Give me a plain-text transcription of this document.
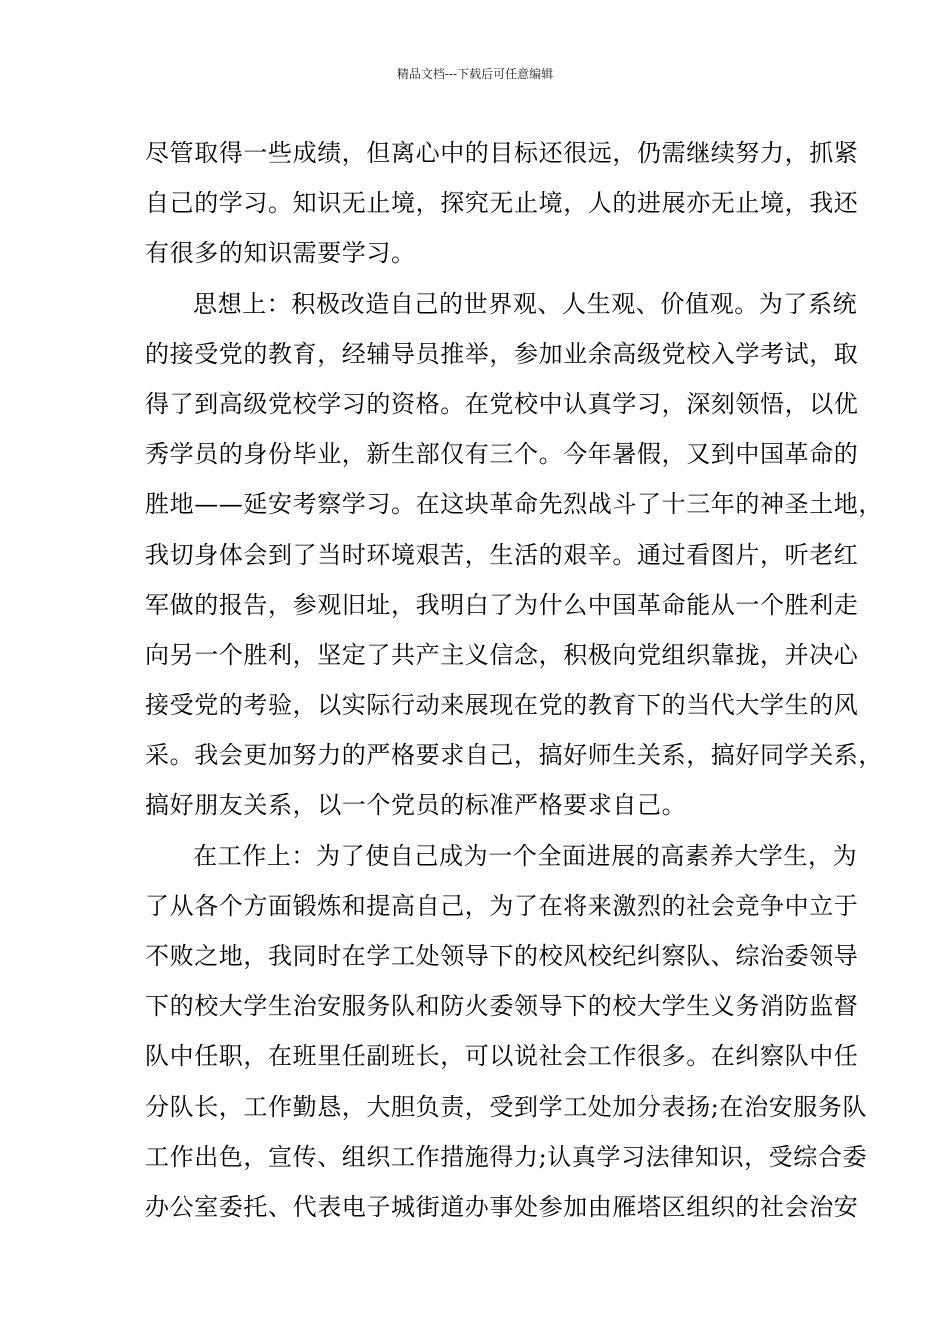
精品文档---下载后可任意编辑
尽管取得一些成绩，但离心中的目标还很远，仍需继续努力，抓紧
自己的学习。知识无止境，探究无止境，人的进展亦无止境，我还
有很多的知识需要学习。
思想上：积极改造自己的世界观、人生观、价值观。为了系统
的接受党的教育，经辅导员推举，参加业余高级党校入学考试，取
得了到高级党校学习的资格。在党校中认真学习，深刻领悟，以优
秀学员的身份毕业，新生部仅有三个。今年暑假，又到中国革命的
胜地——延安考察学习。在这块革命先烈战斗了十三年的神圣土地，
我切身体会到了当时环境艰苦，生活的艰辛。通过看图片，听老红
军做的报告，参观旧址，我明白了为什么中国革命能从一个胜利走
向另一个胜利，坚定了共产主义信念，积极向党组织靠拢，并决心
接受党的考验，以实际行动来展现在党的教育下的当代大学生的风
采。我会更加努力的严格要求自己，搞好师生关系，搞好同学关系，
搞好朋友关系，以一个党员的标准严格要求自己。
在工作上：为了使自己成为一个全面进展的高素养大学生，为
了从各个方面锻炼和提高自己，为了在将来激烈的社会竞争中立于
不败之地，我同时在学工处领导下的校风校纪纠察队、综治委领导
下的校大学生治安服务队和防火委领导下的校大学生义务消防监督
队中任职，在班里任副班长，可以说社会工作很多。在纠察队中任
分队长，工作勤恳，大胆负责，受到学工处加分表扬;在治安服务队
工作出色，宣传、组织工作措施得力;认真学习法律知识，受综合委
办公室委托、代表电子城街道办事处参加由雁塔区组织的社会治安
